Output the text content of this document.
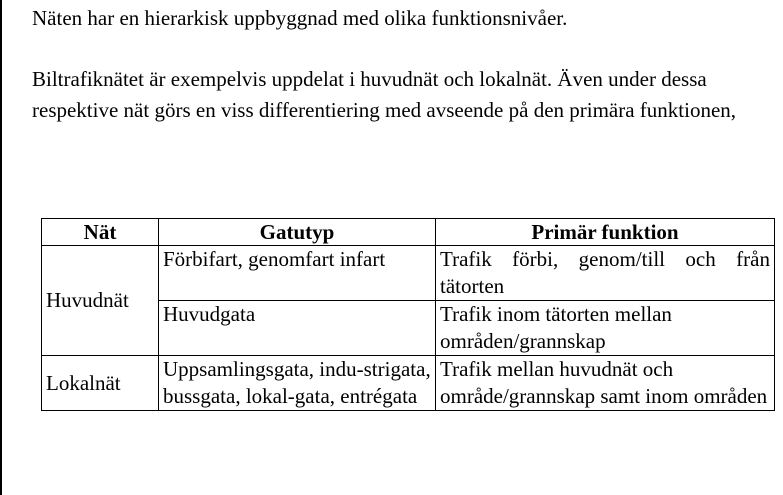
Näten har en hierarkisk uppbyggnad med olika funktionsnivåer.

Biltrafiknätet är exempelvis uppdelat i huvudnät och lokalnät. Även under dessa respektive nät görs en viss differentiering med avseende på den primära funktionen,

Nät	Gatutyp	Primär funktion
Huvudnät	Förbifart, genomfart infart	Trafik förbi, genom/till och från tätorten
	Huvudgata	Trafik inom tätorten mellan områden/grannskap
Lokalnät	Uppsamlingsgata, indu-strigata, bussgata, lokal-gata, entrégata	Trafik mellan huvudnät och område/grannskap samt inom områden
